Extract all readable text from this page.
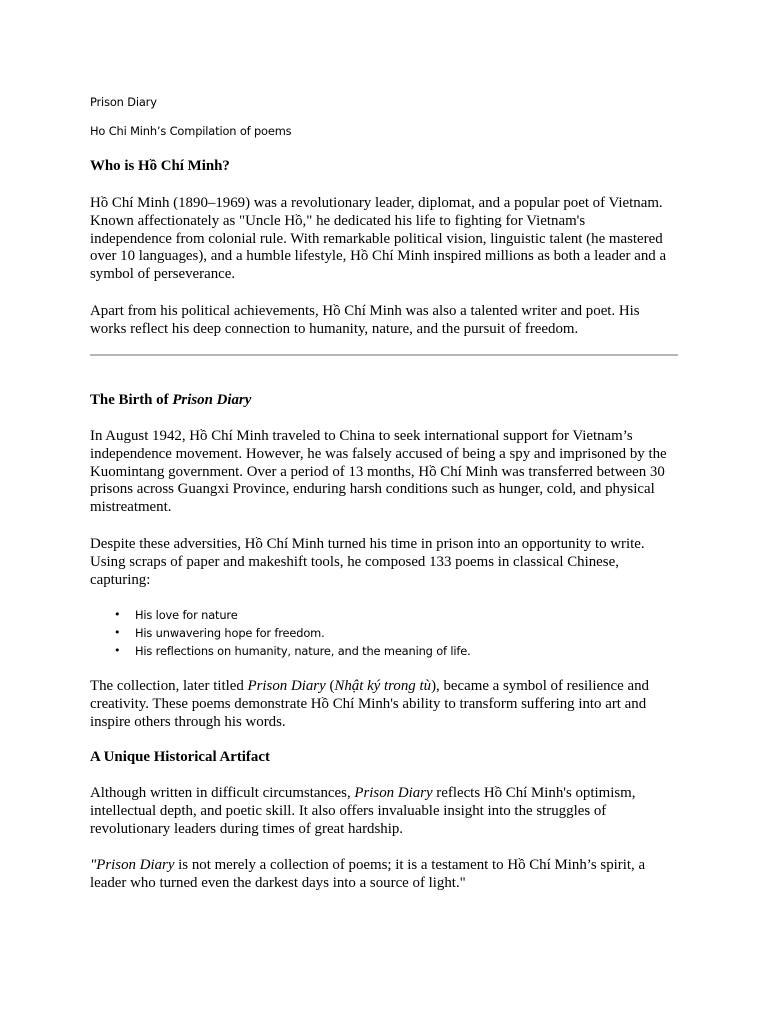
Prison Diary

Ho Chi Minh’s Compilation of poems

Who is Hồ Chí Minh?

Hồ Chí Minh (1890–1969) was a revolutionary leader, diplomat, and a popular poet of Vietnam.
Known affectionately as "Uncle Hồ," he dedicated his life to fighting for Vietnam's
independence from colonial rule. With remarkable political vision, linguistic talent (he mastered
over 10 languages), and a humble lifestyle, Hồ Chí Minh inspired millions as both a leader and a
symbol of perseverance.
Apart from his political achievements, Hồ Chí Minh was also a talented writer and poet. His
works reflect his deep connection to humanity, nature, and the pursuit of freedom.

The Birth of Prison Diary

In August 1942, Hồ Chí Minh traveled to China to seek international support for Vietnam’s
independence movement. However, he was falsely accused of being a spy and imprisoned by the
Kuomintang government. Over a period of 13 months, Hồ Chí Minh was transferred between 30
prisons across Guangxi Province, enduring harsh conditions such as hunger, cold, and physical
mistreatment.
Despite these adversities, Hồ Chí Minh turned his time in prison into an opportunity to write.
Using scraps of paper and makeshift tools, he composed 133 poems in classical Chinese,
capturing:
• His love for nature
• His unwavering hope for freedom.
• His reflections on humanity, nature, and the meaning of life.
The collection, later titled Prison Diary (Nhật ký trong tù), became a symbol of resilience and
creativity. These poems demonstrate Hồ Chí Minh's ability to transform suffering into art and
inspire others through his words.

A Unique Historical Artifact

Although written in difficult circumstances, Prison Diary reflects Hồ Chí Minh's optimism,
intellectual depth, and poetic skill. It also offers invaluable insight into the struggles of
revolutionary leaders during times of great hardship.
"Prison Diary is not merely a collection of poems; it is a testament to Hồ Chí Minh’s spirit, a
leader who turned even the darkest days into a source of light."
